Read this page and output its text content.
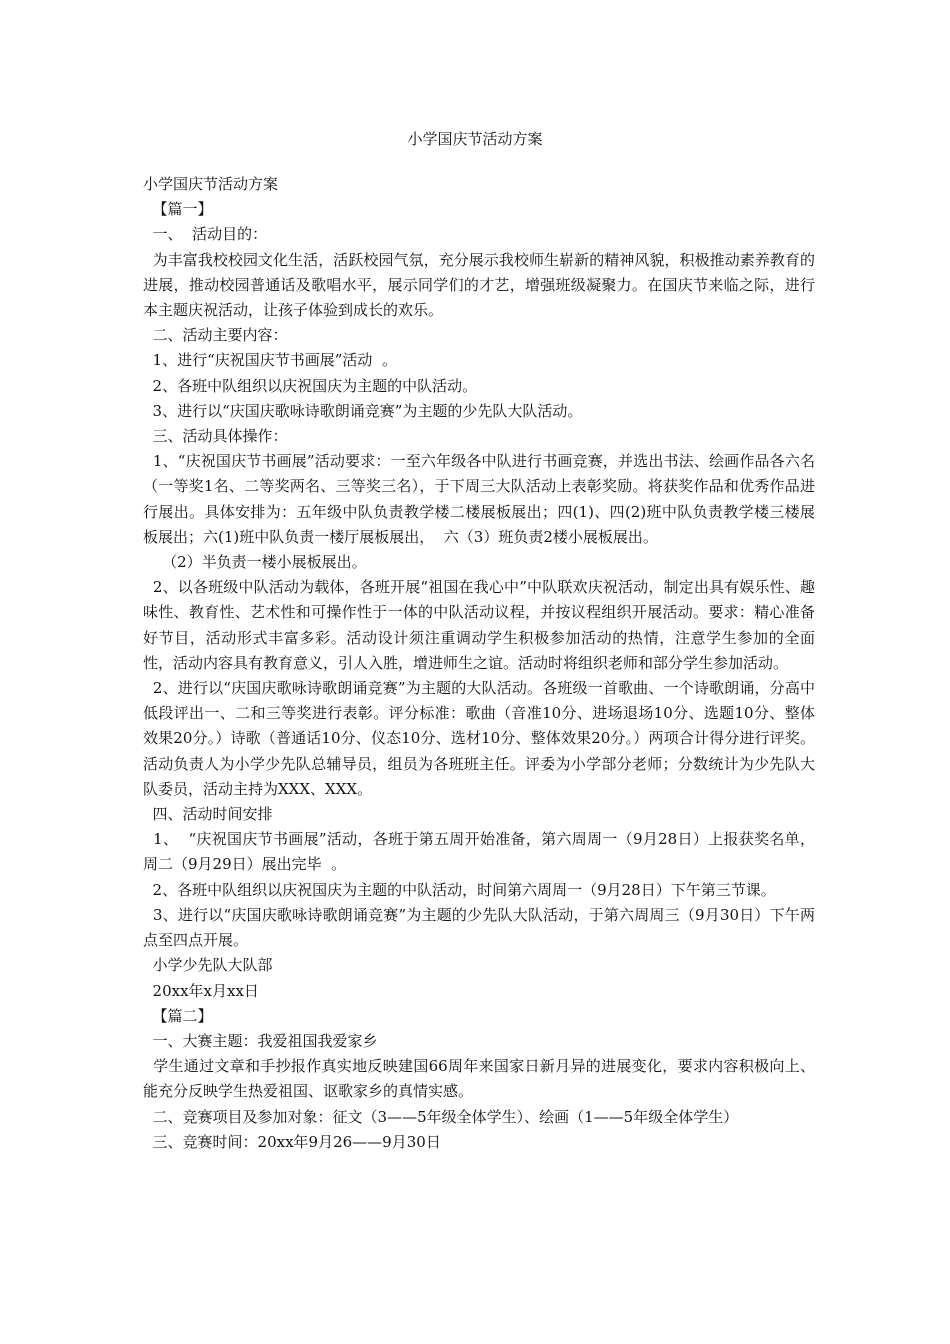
小学国庆节活动方案

小学国庆节活动方案

【篇一】

一、  活动目的：

为丰富我校校园文化生活，活跃校园气氛，充分展示我校师生崭新的精神风貌，积极推动素养教育的进展，推动校园普通话及歌唱水平，展示同学们的才艺，增强班级凝聚力。在国庆节来临之际，进行本主题庆祝活动，让孩子体验到成长的欢乐。

二、活动主要内容：

1、进行“庆祝国庆节书画展”活动  。

2、各班中队组织以庆祝国庆为主题的中队活动。

3、进行以“庆国庆歌咏诗歌朗诵竞赛”为主题的少先队大队活动。

三、活动具体操作：

1、“庆祝国庆节书画展”活动要求：一至六年级各中队进行书画竞赛，并选出书法、绘画作品各六名（一等奖1名、二等奖两名、三等奖三名），于下周三大队活动上表彰奖励。将获奖作品和优秀作品进行展出。具体安排为：五年级中队负责教学楼二楼展板展出；四(1)、四(2)班中队负责教学楼三楼展板展出；六(1)班中队负责一楼厅展板展出，  六（3）班负责2楼小展板展出。

（2）半负责一楼小展板展出。

2、以各班级中队活动为载体，各班开展“祖国在我心中”中队联欢庆祝活动，制定出具有娱乐性、趣味性、教育性、艺术性和可操作性于一体的中队活动议程，并按议程组织开展活动。要求：精心准备好节目，活动形式丰富多彩。活动设计须注重调动学生积极参加活动的热情，注意学生参加的全面性，活动内容具有教育意义，引人入胜，增进师生之谊。活动时将组织老师和部分学生参加活动。

2、进行以“庆国庆歌咏诗歌朗诵竞赛”为主题的大队活动。各班级一首歌曲、一个诗歌朗诵，分高中低段评出一、二和三等奖进行表彰。评分标准：歌曲（音准10分、进场退场10分、选题10分、整体效果20分。）诗歌（普通话10分、仪态10分、选材10分、整体效果20分。）两项合计得分进行评奖。活动负责人为小学少先队总辅导员，组员为各班班主任。评委为小学部分老师；分数统计为少先队大队委员，活动主持为XXX、XXX。

四、活动时间安排

1、  “庆祝国庆节书画展”活动，各班于第五周开始准备，第六周周一（9月28日）上报获奖名单，周二（9月29日）展出完毕  。

2、各班中队组织以庆祝国庆为主题的中队活动，时间第六周周一（9月28日）下午第三节课。

3、进行以“庆国庆歌咏诗歌朗诵竞赛”为主题的少先队大队活动，于第六周周三（9月30日）下午两点至四点开展。

小学少先队大队部

20xx年x月xx日

【篇二】

一、大赛主题：我爱祖国我爱家乡

学生通过文章和手抄报作真实地反映建国66周年来国家日新月异的进展变化，要求内容积极向上、能充分反映学生热爱祖国、讴歌家乡的真情实感。

二、竞赛项目及参加对象：征文（3——5年级全体学生）、绘画（1——5年级全体学生）

三、竞赛时间：20xx年9月26——9月30日
